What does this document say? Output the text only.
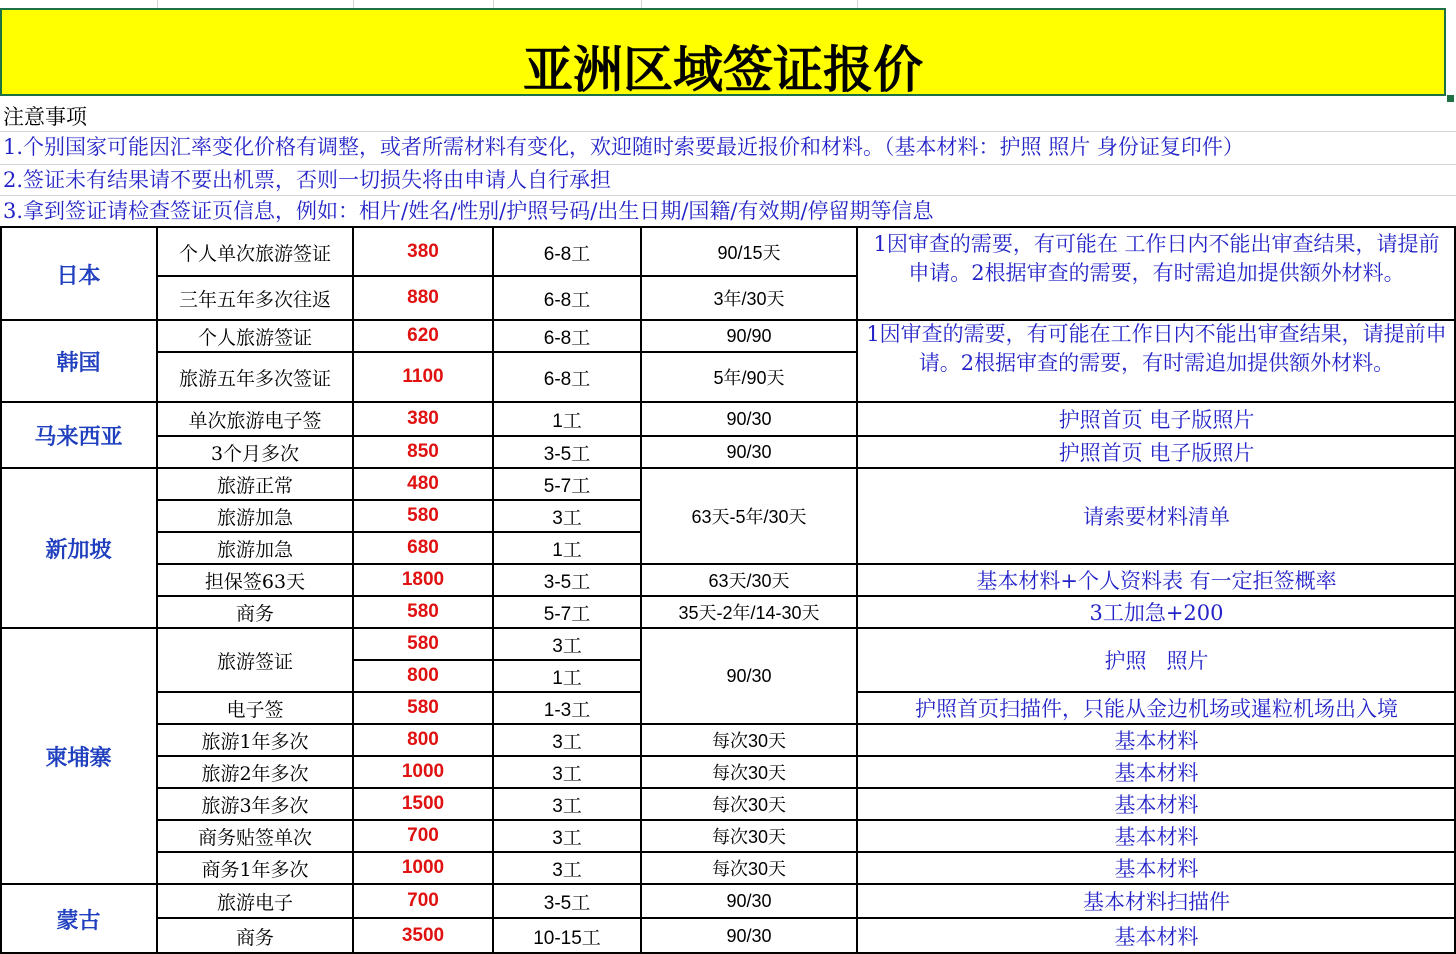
亚洲区域签证报价
注意事项
1.个别国家可能因汇率变化价格有调整，或者所需材料有变化，欢迎随时索要最近报价和材料。（基本材料：护照 照片 身份证复印件）
2.签证未有结果请不要出机票，否则一切损失将由申请人自行承担
3.拿到签证请检查签证页信息，例如：相片/姓名/性别/护照号码/出生日期/国籍/有效期/停留期等信息
日本
韩国
马来西亚
新加坡
柬埔寨
蒙古
个人单次旅游签证
三年五年多次往返
个人旅游签证
旅游五年多次签证
单次旅游电子签
3个月多次
旅游正常
旅游加急
旅游加急
担保签63天
商务
旅游签证
电子签
旅游1年多次
旅游2年多次
旅游3年多次
商务贴签单次
商务1年多次
旅游电子
商务
380
880
620
1100
380
850
480
580
680
1800
580
580
800
580
800
1000
1500
700
1000
700
3500
6-8工
6-8工
6-8工
6-8工
1工
3-5工
5-7工
3工
1工
3-5工
5-7工
3工
1工
1-3工
3工
3工
3工
3工
3工
3-5工
10-15工
90/15天
3年/30天
90/90
5年/90天
90/30
90/30
63天-5年/30天
63天/30天
35天-2年/14-30天
90/30
每次30天
每次30天
每次30天
每次30天
每次30天
90/30
90/30
1因审查的需要，有可能在 工作日内不能出审查结果，请提前申请。2根据审查的需要，有时需追加提供额外材料。
1因审查的需要，有可能在工作日内不能出审查结果，请提前申请。2根据审查的需要，有时需追加提供额外材料。
护照首页 电子版照片
护照首页 电子版照片
请索要材料清单
基本材料+个人资料表 有一定拒签概率
3工加急+200
护照   照片
护照首页扫描件，只能从金边机场或暹粒机场出入境
基本材料
基本材料
基本材料
基本材料
基本材料
基本材料扫描件
基本材料
